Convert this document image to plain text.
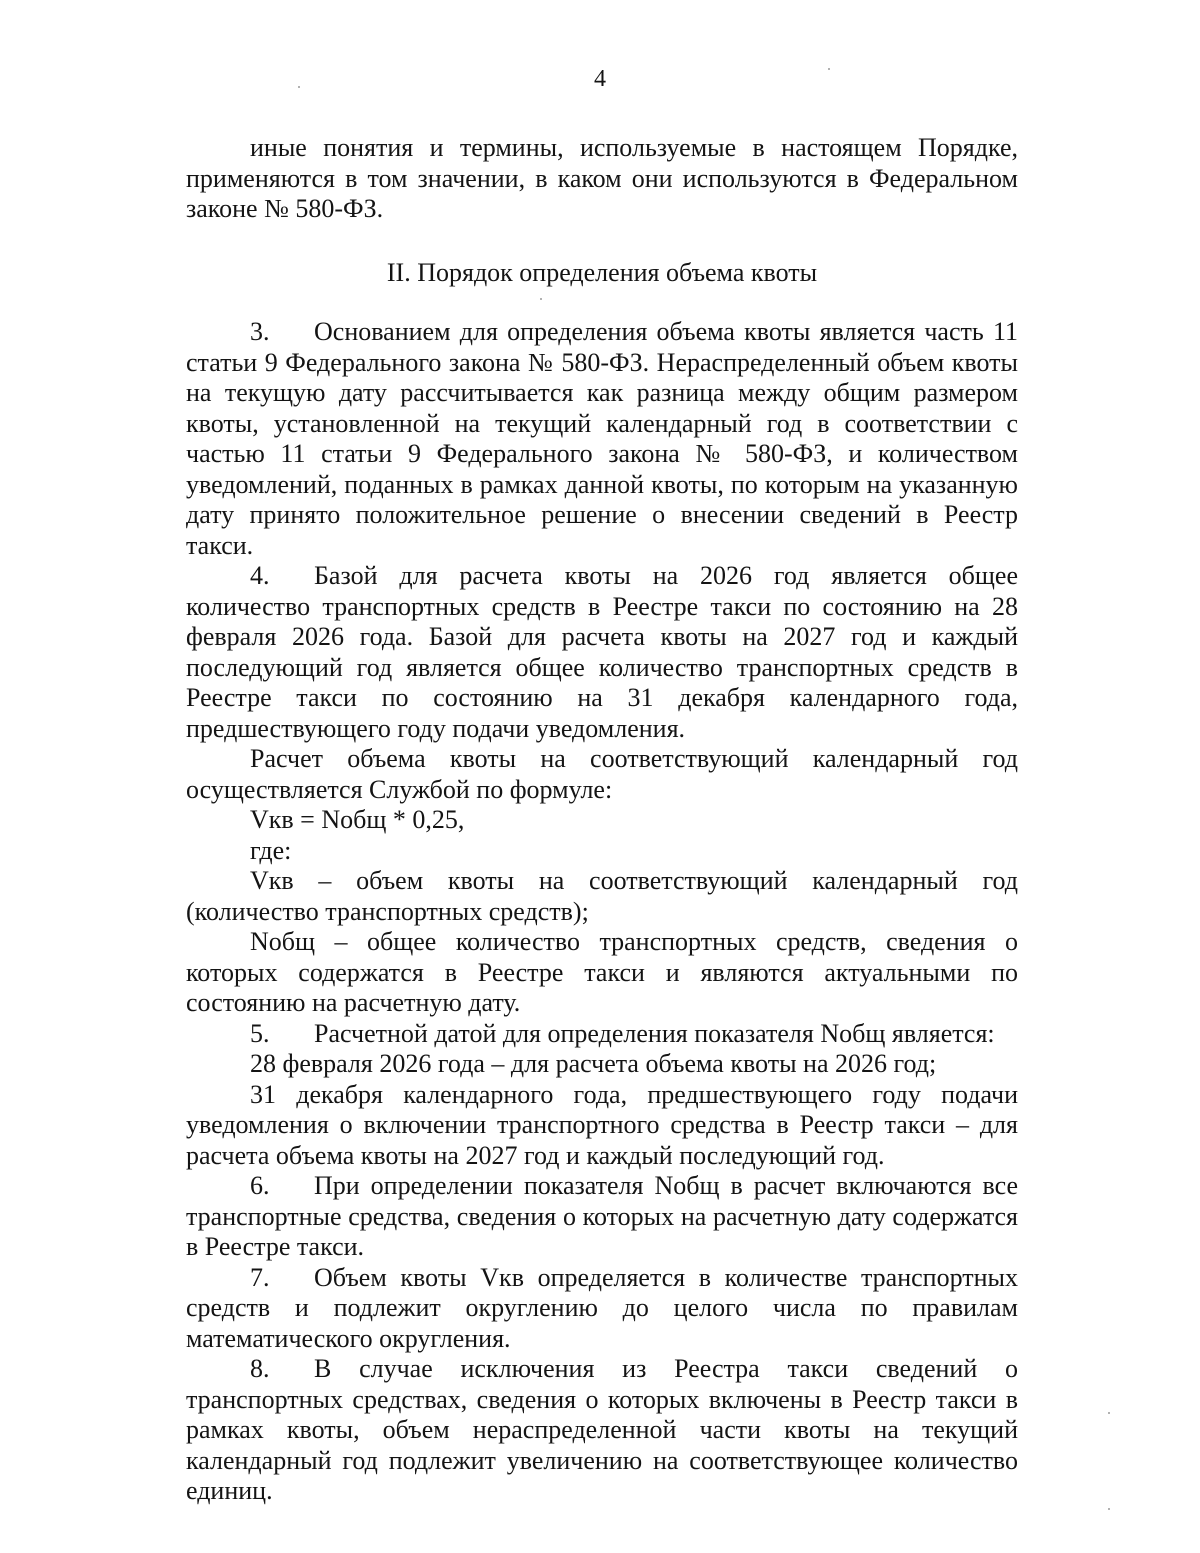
4

иные понятия и термины, используемые в настоящем Порядке, применяются в том значении, в каком они используются в Федеральном законе № 580-ФЗ.

II. Порядок определения объема квоты

3. Основанием для определения объема квоты является часть 11 статьи 9 Федерального закона № 580-ФЗ. Нераспределенный объем квоты на текущую дату рассчитывается как разница между общим размером квоты, установленной на текущий календарный год в соответствии с частью 11 статьи 9 Федерального закона № 580-ФЗ, и количеством уведомлений, поданных в рамках данной квоты, по которым на указанную дату принято положительное решение о внесении сведений в Реестр такси.

4. Базой для расчета квоты на 2026 год является общее количество транспортных средств в Реестре такси по состоянию на 28 февраля 2026 года. Базой для расчета квоты на 2027 год и каждый последующий год является общее количество транспортных средств в Реестре такси по состоянию на 31 декабря календарного года, предшествующего году подачи уведомления.

Расчет объема квоты на соответствующий календарный год осуществляется Службой по формуле:

Vкв = Nобщ * 0,25,

где:

Vкв – объем квоты на соответствующий календарный год (количество транспортных средств);

Nобщ – общее количество транспортных средств, сведения о которых содержатся в Реестре такси и являются актуальными по состоянию на расчетную дату.

5. Расчетной датой для определения показателя Nобщ является:

28 февраля 2026 года – для расчета объема квоты на 2026 год;

31 декабря календарного года, предшествующего году подачи уведомления о включении транспортного средства в Реестр такси – для расчета объема квоты на 2027 год и каждый последующий год.

6. При определении показателя Nобщ в расчет включаются все транспортные средства, сведения о которых на расчетную дату содержатся в Реестре такси.

7. Объем квоты Vкв определяется в количестве транспортных средств и подлежит округлению до целого числа по правилам математического округления.

8. В случае исключения из Реестра такси сведений о транспортных средствах, сведения о которых включены в Реестр такси в рамках квоты, объем нераспределенной части квоты на текущий календарный год подлежит увеличению на соответствующее количество единиц.
